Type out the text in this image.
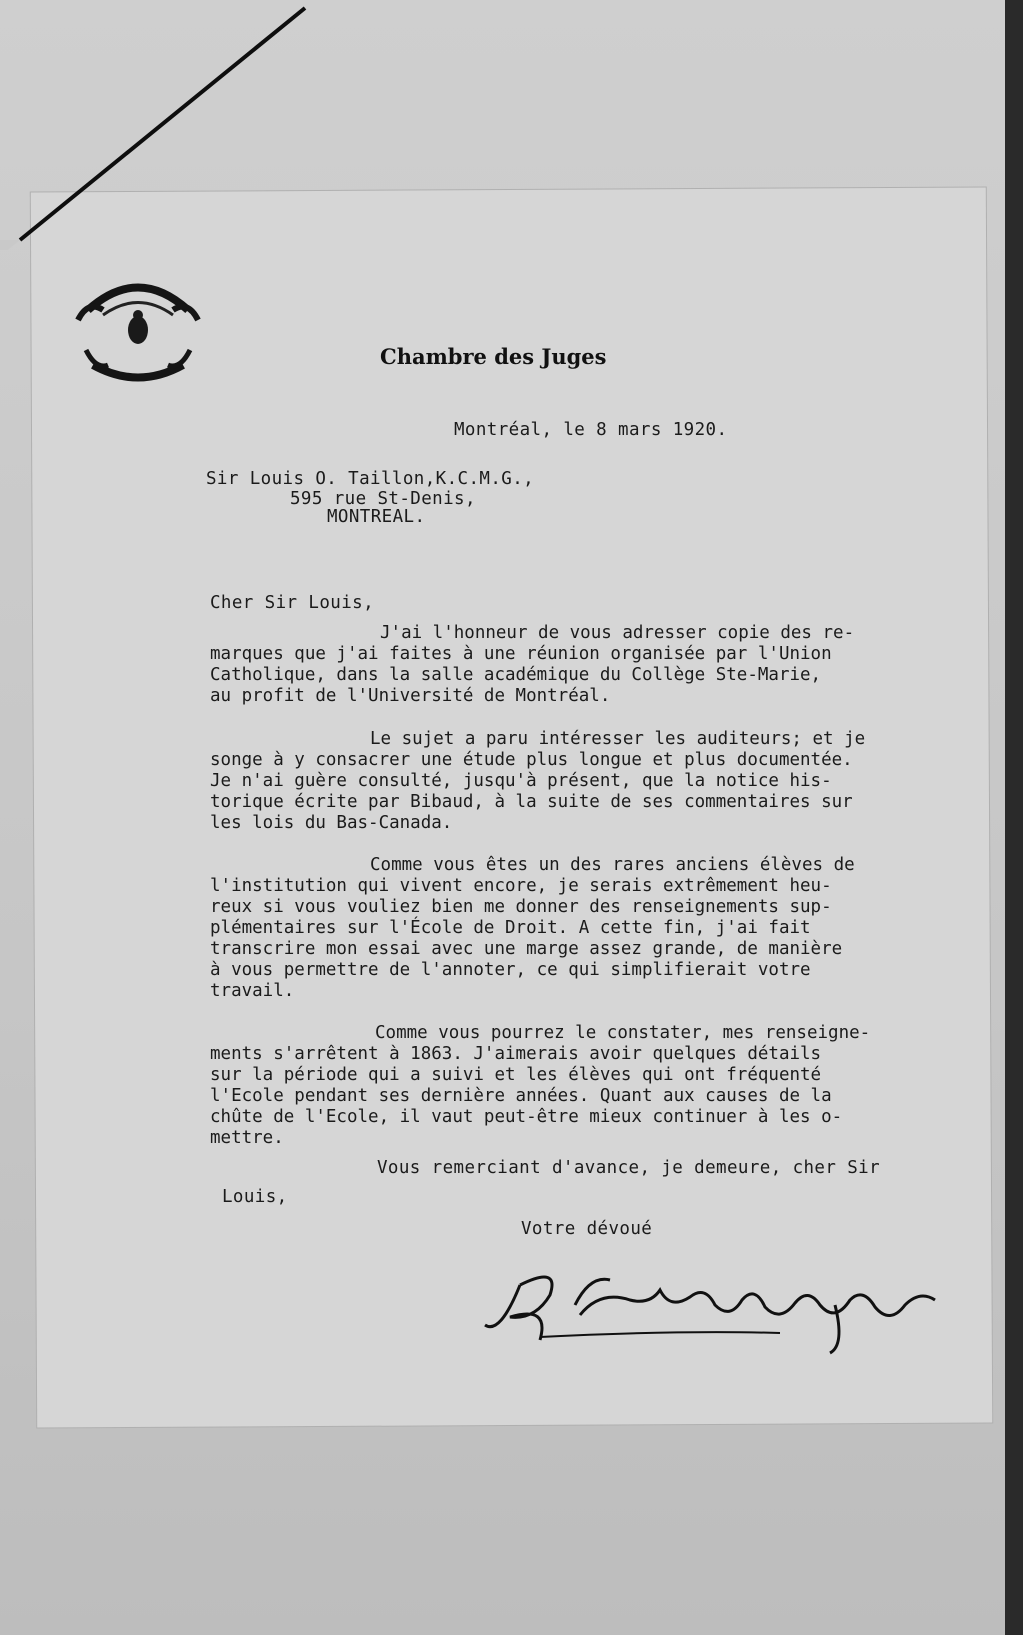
Chambre des Juges
Montréal, le 8 mars 1920.
Sir Louis O. Taillon,K.C.M.G.,
595 rue St-Denis,
MONTREAL.
Cher Sir Louis,
J'ai l'honneur de vous adresser copie des re-
marques que j'ai faites à une réunion organisée par l'Union
Catholique, dans la salle académique du Collège Ste-Marie,
au profit de l'Université de Montréal.
Le sujet a paru intéresser les auditeurs; et je
songe à y consacrer une étude plus longue et plus documentée.
Je n'ai guère consulté, jusqu'à présent, que la notice his-
torique écrite par Bibaud, à la suite de ses commentaires sur
les lois du Bas-Canada.
Comme vous êtes un des rares anciens élèves de
l'institution qui vivent encore, je serais extrêmement heu-
reux si vous vouliez bien me donner des renseignements sup-
plémentaires sur l'École de Droit. A cette fin, j'ai fait
transcrire mon essai avec une marge assez grande, de manière
à vous permettre de l'annoter, ce qui simplifierait votre
travail.
Comme vous pourrez le constater, mes renseigne-
ments s'arrêtent à 1863. J'aimerais avoir quelques détails
sur la période qui a suivi et les élèves qui ont fréquenté
l'Ecole pendant ses dernière années. Quant aux causes de la
chûte de l'Ecole, il vaut peut-être mieux continuer à les o-
mettre.
Vous remerciant d'avance, je demeure, cher Sir
Louis,
Votre dévoué
